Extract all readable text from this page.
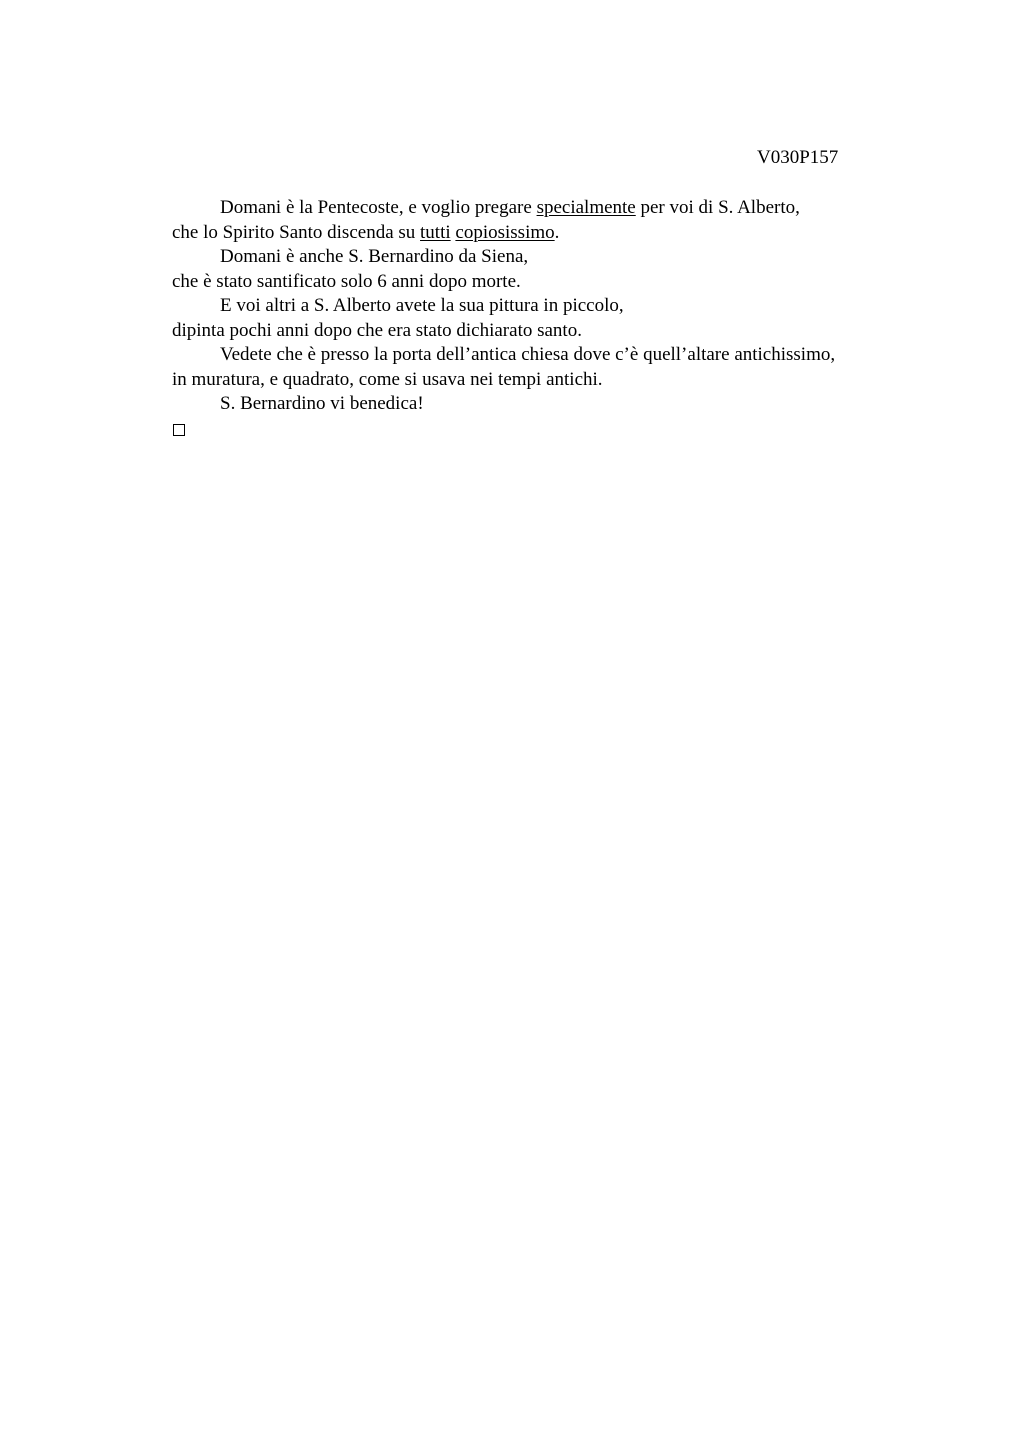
V030P157
Domani è la Pentecoste, e voglio pregare specialmente per voi di S. Alberto,
che lo Spirito Santo discenda su tutti copiosissimo.
Domani è anche S. Bernardino da Siena,
che è stato santificato solo 6 anni dopo morte.
E voi altri a S. Alberto avete la sua pittura in piccolo,
dipinta pochi anni dopo che era stato dichiarato santo.
Vedete che è presso la porta dell’antica chiesa dove c’è quell’altare antichissimo,
in muratura, e quadrato, come si usava nei tempi antichi.
S. Bernardino vi benedica!
